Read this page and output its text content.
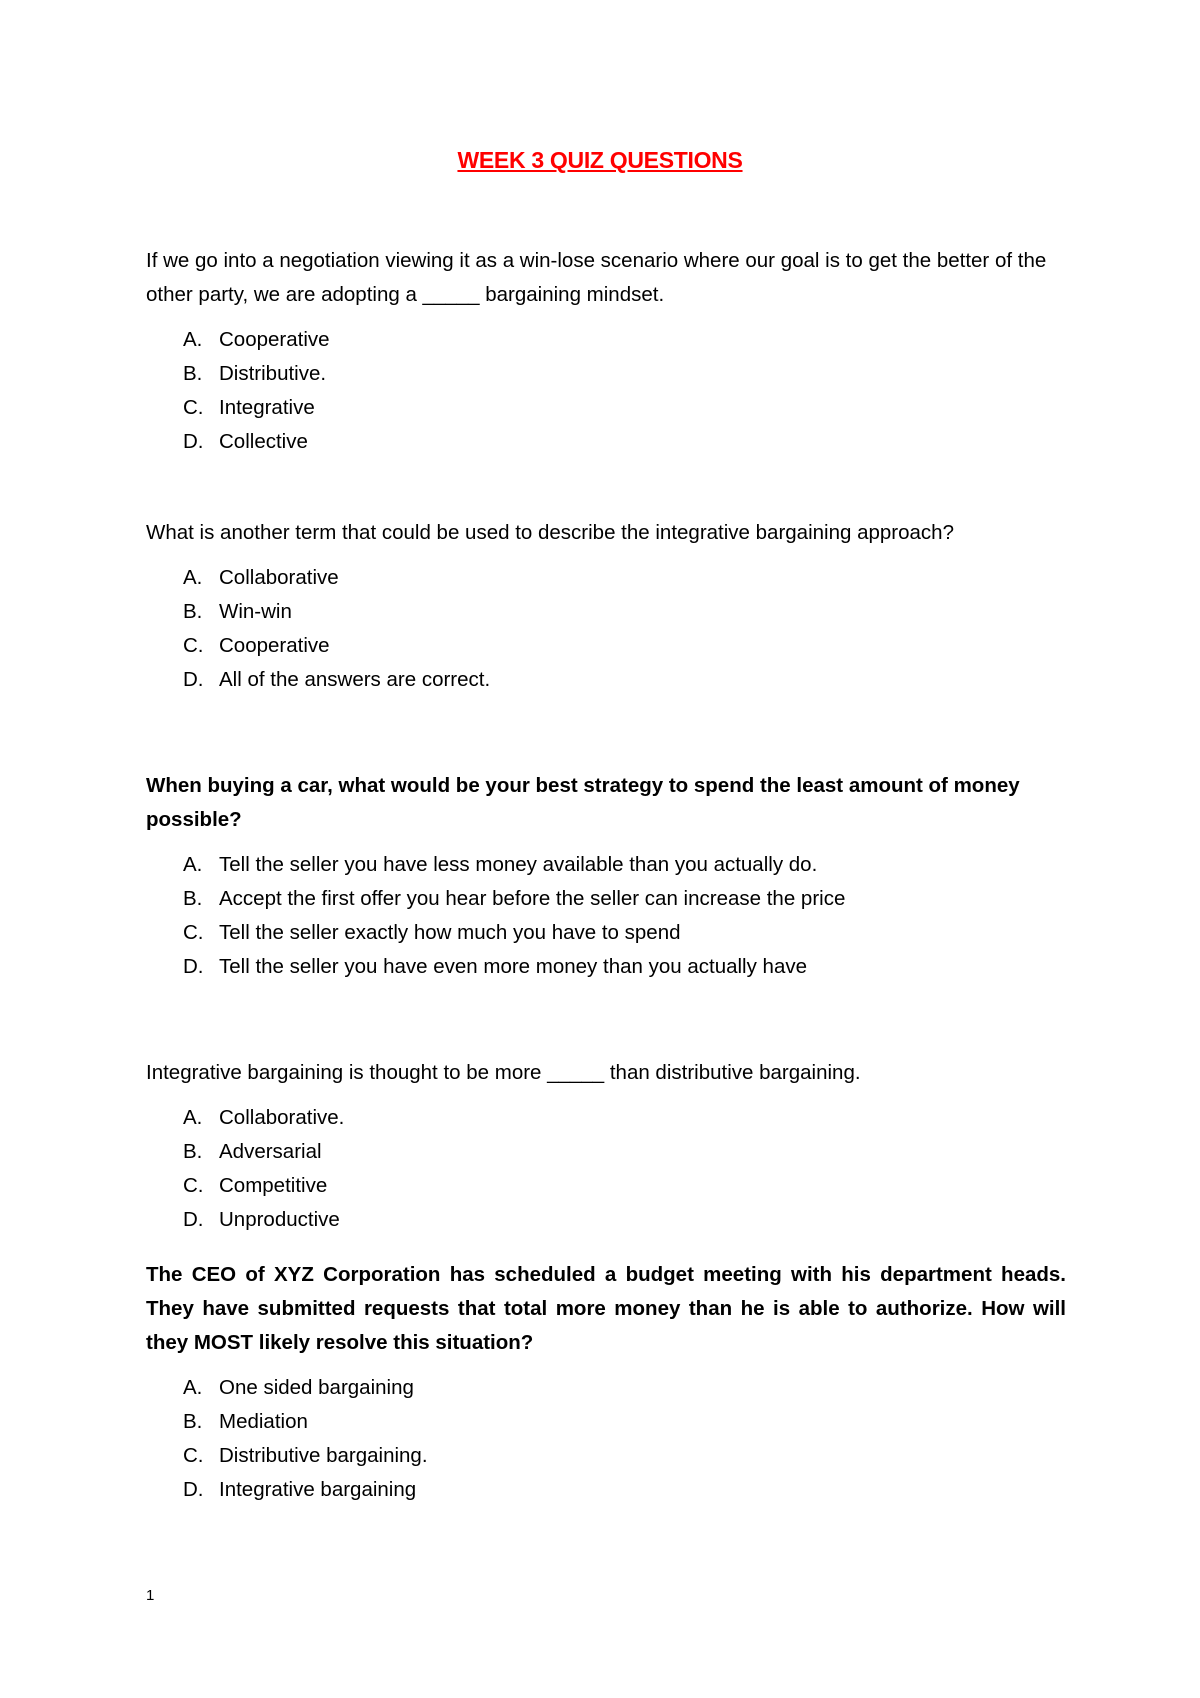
WEEK 3 QUIZ QUESTIONS

If we go into a negotiation viewing it as a win-lose scenario where our goal is to get the better of the other party, we are adopting a _____ bargaining mindset.

A. Cooperative
B. Distributive.
C. Integrative
D. Collective

What is another term that could be used to describe the integrative bargaining approach?

A. Collaborative
B. Win-win
C. Cooperative
D. All of the answers are correct.

When buying a car, what would be your best strategy to spend the least amount of money possible?

A. Tell the seller you have less money available than you actually do.
B. Accept the first offer you hear before the seller can increase the price
C. Tell the seller exactly how much you have to spend
D. Tell the seller you have even more money than you actually have

Integrative bargaining is thought to be more _____ than distributive bargaining.

A. Collaborative.
B. Adversarial
C. Competitive
D. Unproductive

The CEO of XYZ Corporation has scheduled a budget meeting with his department heads. They have submitted requests that total more money than he is able to authorize. How will they MOST likely resolve this situation?

A. One sided bargaining
B. Mediation
C. Distributive bargaining.
D. Integrative bargaining
1
